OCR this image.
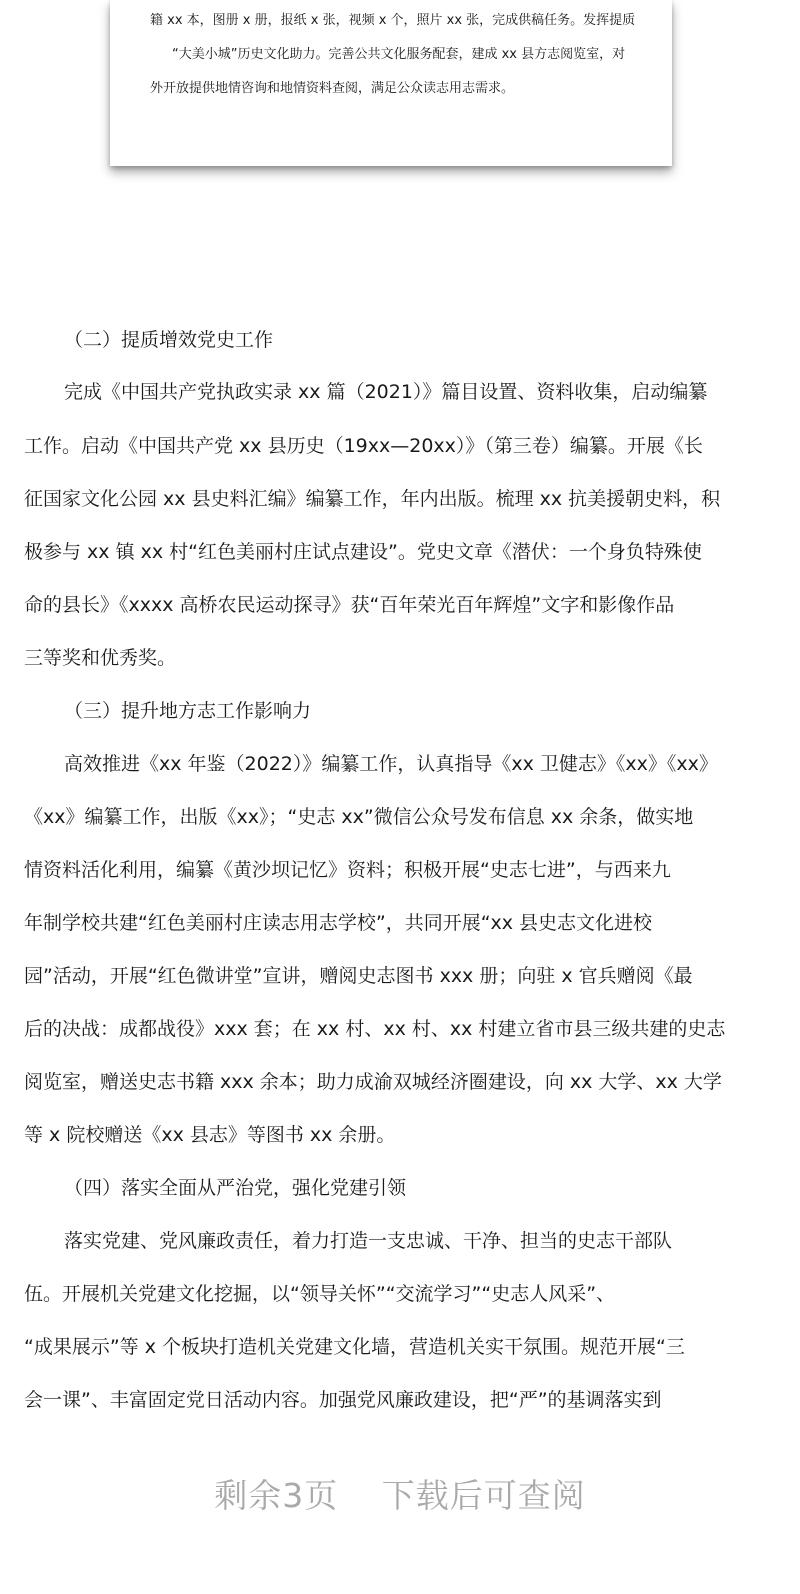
籍 xx 本，图册 x 册，报纸 x 张，视频 x 个，照片 xx 张，完成供稿任务。发挥提质

“大美小城”历史文化助力。完善公共文化服务配套，建成 xx 县方志阅览室，对

外开放提供地情咨询和地情资料查阅，满足公众读志用志需求。

（二）提质增效党史工作

完成《中国共产党执政实录 xx 篇（2021）》篇目设置、资料收集，启动编纂

工作。启动《中国共产党 xx 县历史（19xx—20xx）》（第三卷）编纂。开展《长

征国家文化公园 xx 县史料汇编》编纂工作，年内出版。梳理 xx 抗美援朝史料，积

极参与 xx 镇 xx 村“红色美丽村庄试点建设”。党史文章《潜伏：一个身负特殊使

命的县长》《xxxx 高桥农民运动探寻》获“百年荣光百年辉煌”文字和影像作品

三等奖和优秀奖。

（三）提升地方志工作影响力

高效推进《xx 年鉴（2022）》编纂工作，认真指导《xx 卫健志》《xx》《xx》

《xx》编纂工作，出版《xx》；“史志 xx”微信公众号发布信息 xx 余条，做实地

情资料活化利用，编纂《黄沙坝记忆》资料；积极开展“史志七进”，与西来九

年制学校共建“红色美丽村庄读志用志学校”，共同开展“xx 县史志文化进校

园”活动，开展“红色微讲堂”宣讲，赠阅史志图书 xxx 册；向驻 x 官兵赠阅《最

后的决战：成都战役》xxx 套；在 xx 村、xx 村、xx 村建立省市县三级共建的史志

阅览室，赠送史志书籍 xxx 余本；助力成渝双城经济圈建设，向 xx 大学、xx 大学

等 x 院校赠送《xx 县志》等图书 xx 余册。

（四）落实全面从严治党，强化党建引领

落实党建、党风廉政责任，着力打造一支忠诚、干净、担当的史志干部队

伍。开展机关党建文化挖掘，以“领导关怀”“交流学习”“史志人风采”、

“成果展示”等 x 个板块打造机关党建文化墙，营造机关实干氛围。规范开展“三

会一课”、丰富固定党日活动内容。加强党风廉政建设，把“严”的基调落实到

剩余3页 下载后可查阅
